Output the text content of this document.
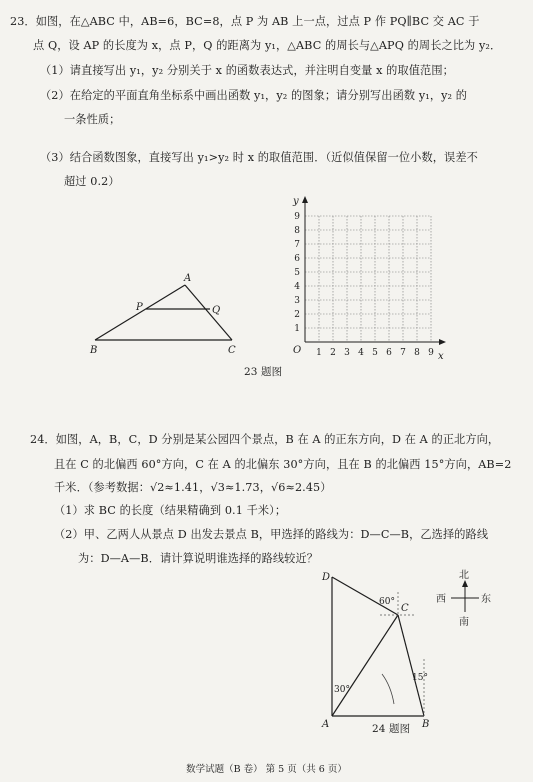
23．如图，在△ABC 中，AB=6，BC=8，点 P 为 AB 上一点，过点 P 作 PQ∥BC 交 AC 于
点 Q，设 AP 的长度为 x，点 P，Q 的距离为 y₁，△ABC 的周长与△APQ 的周长之比为 y₂．
（1）请直接写出 y₁，y₂ 分别关于 x 的函数表达式，并注明自变量 x 的取值范围；
（2）在给定的平面直角坐标系中画出函数 y₁，y₂ 的图象；请分别写出函数 y₁，y₂ 的
一条性质；
（3）结合函数图象，直接写出 y₁>y₂ 时 x 的取值范围．（近似值保留一位小数，误差不
超过 0.2）
A
B	C
P	Q
y
x
O 1 2 3 4 5 6 7 8 9
1
2
3
4
5
6
7
8
9
23 题图
24．如图，A，B，C，D 分别是某公园四个景点，B 在 A 的正东方向，D 在 A 的正北方向，
且在 C 的北偏西 60°方向，C 在 A 的北偏东 30°方向，且在 B 的北偏西 15°方向，AB=2
千米．（参考数据：√2≈1.41，√3≈1.73，√6≈2.45）
（1）求 BC 的长度（结果精确到 0.1 千米）；
（2）甲、乙两人从景点 D 出发去景点 B，甲选择的路线为：D—C—B，乙选择的路线
为：D—A—B．请计算说明谁选择的路线较近？
D
C
A	B
60°
30°
15°
24 题图
北
南
西	东
数学试题（B 卷） 第 5 页（共 6 页）
